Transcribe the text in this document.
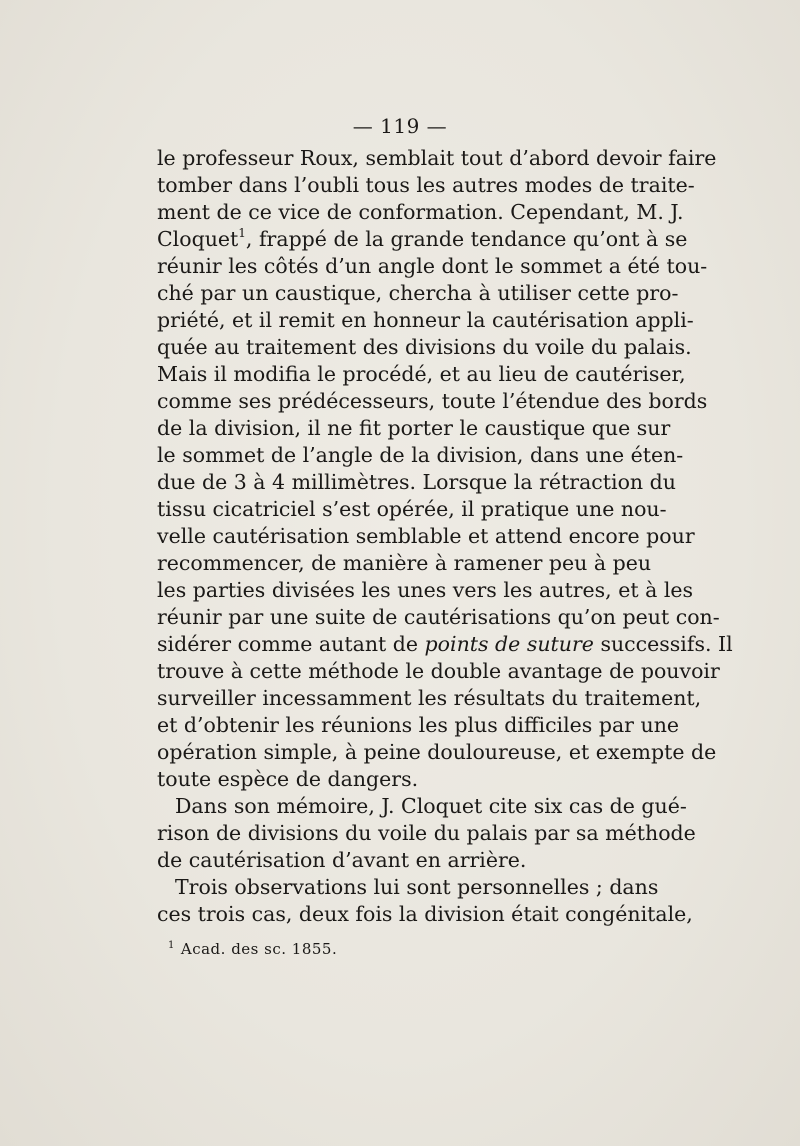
— 119 —
le professeur Roux, semblait tout d’abord devoir faire
tomber dans l’oubli tous les autres modes de traite-
ment de ce vice de conformation. Cependant, M. J.
Cloquet$^1$, frappé de la grande tendance qu’ont à se
réunir les côtés d’un angle dont le sommet a été tou-
ché par un caustique, chercha à utiliser cette pro-
priété, et il remit en honneur la cautérisation appli-
quée au traitement des divisions du voile du palais.
Mais il modifia le procédé, et au lieu de cautériser,
comme ses prédécesseurs, toute l’étendue des bords
de la division, il ne fit porter le caustique que sur
le sommet de l’angle de la division, dans une éten-
due de 3 à 4 millimètres. Lorsque la rétraction du
tissu cicatriciel s’est opérée, il pratique une nou-
velle cautérisation semblable et attend encore pour
recommencer, de manière à ramener peu à peu
les parties divisées les unes vers les autres, et à les
réunir par une suite de cautérisations qu’on peut con-
sidérer comme autant de points de suture successifs. Il
trouve à cette méthode le double avantage de pouvoir
surveiller incessamment les résultats du traitement,
et d’obtenir les réunions les plus difficiles par une
opération simple, à peine douloureuse, et exempte de
toute espèce de dangers.
Dans son mémoire, J. Cloquet cite six cas de gué-
rison de divisions du voile du palais par sa méthode
de cautérisation d’avant en arrière.
Trois observations lui sont personnelles ; dans
ces trois cas, deux fois la division était congénitale,
$^1$ Acad. des sc. 1855.
